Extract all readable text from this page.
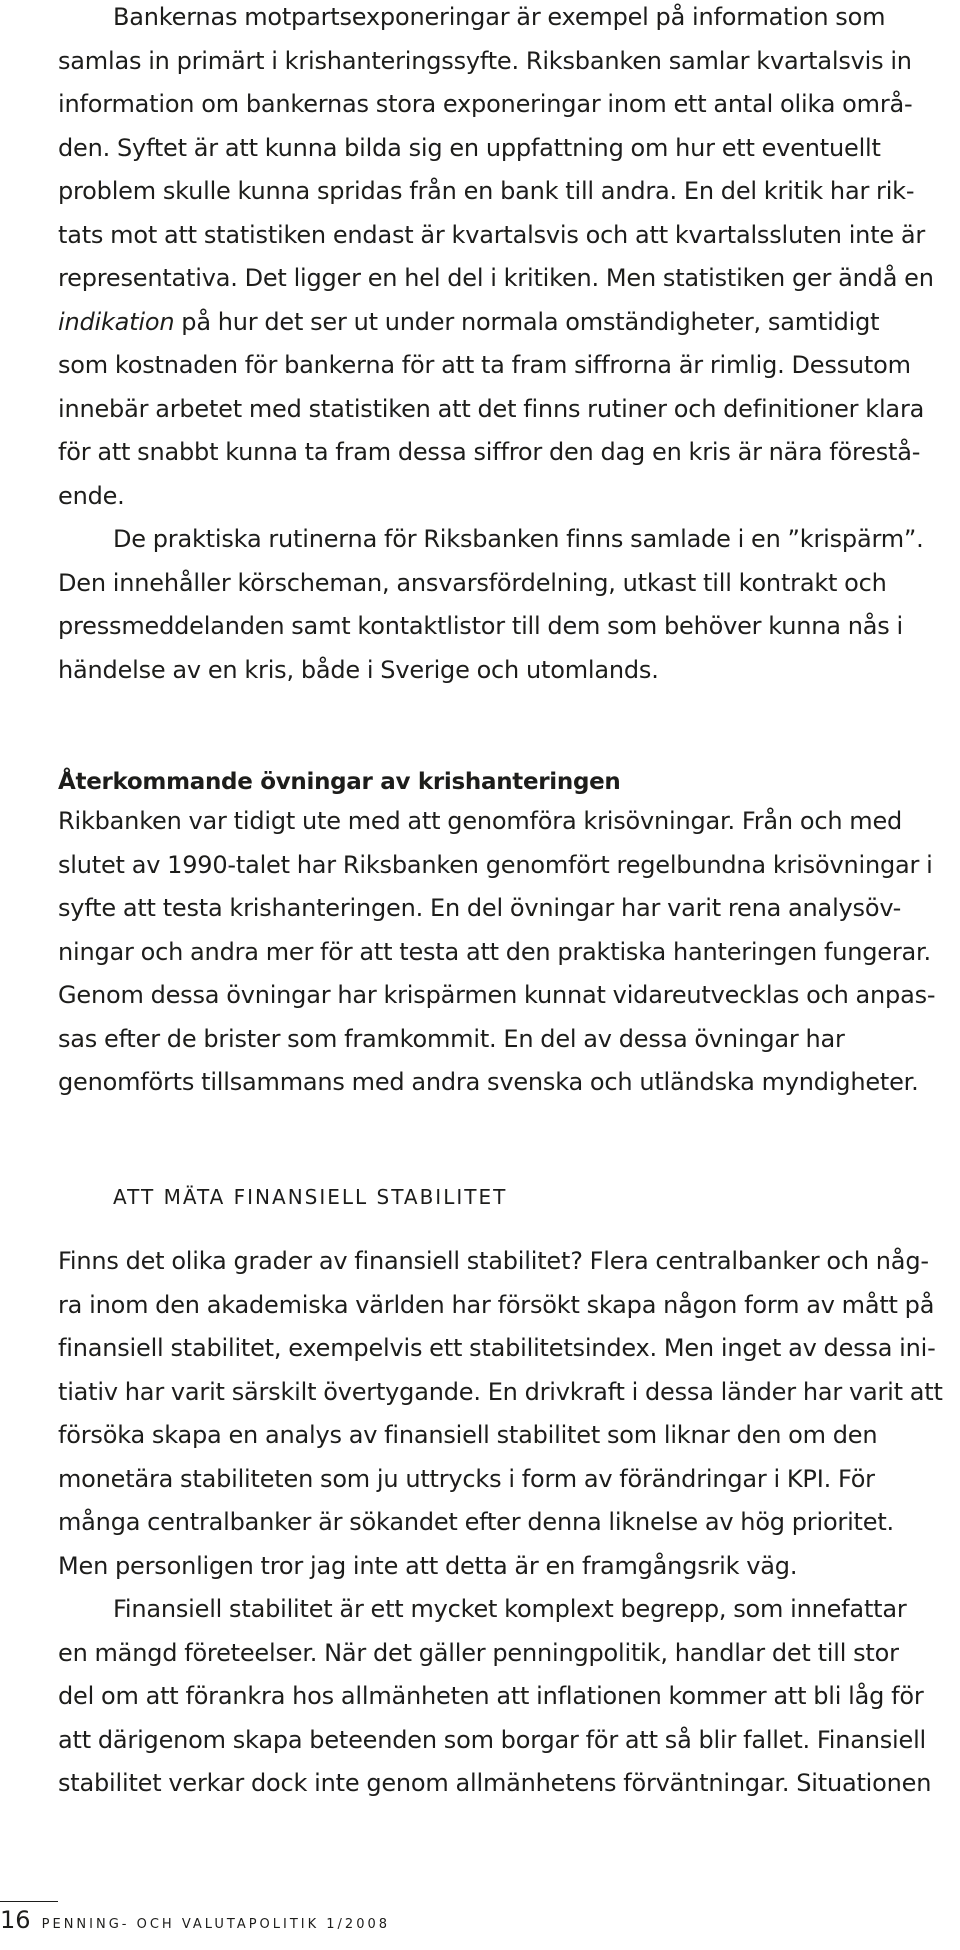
Bankernas motpartsexponeringar är exempel på information som
samlas in primärt i krishanteringssyfte. Riksbanken samlar kvartalsvis in
information om bankernas stora exponeringar inom ett antal olika områ-
den. Syftet är att kunna bilda sig en uppfattning om hur ett eventuellt
problem skulle kunna spridas från en bank till andra. En del kritik har rik-
tats mot att statistiken endast är kvartalsvis och att kvartalssluten inte är
representativa. Det ligger en hel del i kritiken. Men statistiken ger ändå en
indikation på hur det ser ut under normala omständigheter, samtidigt
som kostnaden för bankerna för att ta fram siffrorna är rimlig. Dessutom
innebär arbetet med statistiken att det finns rutiner och definitioner klara
för att snabbt kunna ta fram dessa siffror den dag en kris är nära förestå-
ende.
De praktiska rutinerna för Riksbanken finns samlade i en ”krispärm”.
Den innehåller körscheman, ansvarsfördelning, utkast till kontrakt och
pressmeddelanden samt kontaktlistor till dem som behöver kunna nås i
händelse av en kris, både i Sverige och utomlands.
Återkommande övningar av krishanteringen
Rikbanken var tidigt ute med att genomföra krisövningar. Från och med
slutet av 1990-talet har Riksbanken genomfört regelbundna krisövningar i
syfte att testa krishanteringen. En del övningar har varit rena analysöv-
ningar och andra mer för att testa att den praktiska hanteringen fungerar.
Genom dessa övningar har krispärmen kunnat vidareutvecklas och anpas-
sas efter de brister som framkommit. En del av dessa övningar har
genomförts tillsammans med andra svenska och utländska myndigheter.
ATT MÄTA FINANSIELL STABILITET
Finns det olika grader av finansiell stabilitet? Flera centralbanker och någ-
ra inom den akademiska världen har försökt skapa någon form av mått på
finansiell stabilitet, exempelvis ett stabilitetsindex. Men inget av dessa ini-
tiativ har varit särskilt övertygande. En drivkraft i dessa länder har varit att
försöka skapa en analys av finansiell stabilitet som liknar den om den
monetära stabiliteten som ju uttrycks i form av förändringar i KPI. För
många centralbanker är sökandet efter denna liknelse av hög prioritet.
Men personligen tror jag inte att detta är en framgångsrik väg.
Finansiell stabilitet är ett mycket komplext begrepp, som innefattar
en mängd företeelser. När det gäller penningpolitik, handlar det till stor
del om att förankra hos allmänheten att inflationen kommer att bli låg för
att därigenom skapa beteenden som borgar för att så blir fallet. Finansiell
stabilitet verkar dock inte genom allmänhetens förväntningar. Situationen
16 PENNING- OCH VALUTAPOLITIK 1/2008
